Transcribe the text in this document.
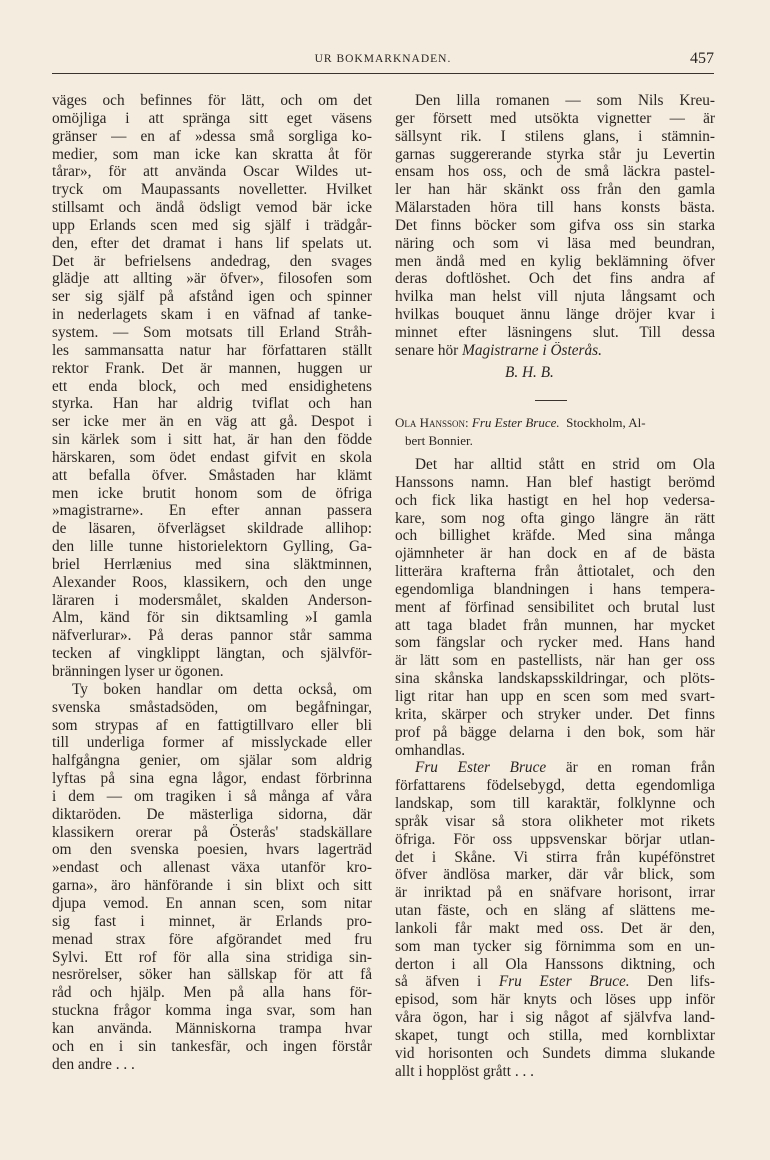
UR BOKMARKNADEN.	457
väges och befinnes för lätt, och om det
omöjliga i att spränga sitt eget väsens
gränser — en af »dessa små sorgliga ko-
medier, som man icke kan skratta åt för
tårar», för att använda Oscar Wildes ut-
tryck om Maupassants novelletter. Hvilket
stillsamt och ändå ödsligt vemod bär icke
upp Erlands scen med sig själf i trädgår-
den, efter det dramat i hans lif spelats ut.
Det är befrielsens andedrag, den svages
glädje att allting »är öfver», filosofen som
ser sig själf på afstånd igen och spinner
in nederlagets skam i en väfnad af tanke-
system. — Som motsats till Erland Stråh-
les sammansatta natur har författaren ställt
rektor Frank. Det är mannen, huggen ur
ett enda block, och med ensidighetens
styrka. Han har aldrig tviflat och han
ser icke mer än en väg att gå. Despot i
sin kärlek som i sitt hat, är han den födde
härskaren, som ödet endast gifvit en skola
att befalla öfver. Småstaden har klämt
men icke brutit honom som de öfriga
»magistrarne». En efter annan passera
de läsaren, öfverlägset skildrade allihop:
den lille tunne historielektorn Gylling, Ga-
briel Herrlænius med sina släktminnen,
Alexander Roos, klassikern, och den unge
läraren i modersmålet, skalden Anderson-
Alm, känd för sin diktsamling »I gamla
näfverlurar». På deras pannor står samma
tecken af vingklippt längtan, och självför-
bränningen lyser ur ögonen.
Ty boken handlar om detta också, om
svenska småstadsöden, om begåfningar,
som strypas af en fattigtillvaro eller bli
till underliga former af misslyckade eller
halfgångna genier, om själar som aldrig
lyftas på sina egna lågor, endast förbrinna
i dem — om tragiken i så många af våra
diktaröden. De mästerliga sidorna, där
klassikern orerar på Österås' stadskällare
om den svenska poesien, hvars lagerträd
»endast och allenast växa utanför kro-
garna», äro hänförande i sin blixt och sitt
djupa vemod. En annan scen, som nitar
sig fast i minnet, är Erlands pro-
menad strax före afgörandet med fru
Sylvi. Ett rof för alla sina stridiga sin-
nesrörelser, söker han sällskap för att få
råd och hjälp. Men på alla hans för-
stuckna frågor komma inga svar, som han
kan använda. Människorna trampa hvar
och en i sin tankesfär, och ingen förstår
den andre . . .
Den lilla romanen — som Nils Kreu-
ger försett med utsökta vignetter — är
sällsynt rik. I stilens glans, i stämnin-
garnas suggererande styrka står ju Levertin
ensam hos oss, och de små läckra pastel-
ler han här skänkt oss från den gamla
Mälarstaden höra till hans konsts bästa.
Det finns böcker som gifva oss sin starka
näring och som vi läsa med beundran,
men ändå med en kylig beklämning öfver
deras doftlöshet. Och det fins andra af
hvilka man helst vill njuta långsamt och
hvilkas bouquet ännu länge dröjer kvar i
minnet efter läsningens slut. Till dessa
senare hör Magistrarne i Österås.
B. H. B.
Ola Hansson: Fru Ester Bruce. Stockholm, Al-
bert Bonnier.
Det har alltid stått en strid om Ola
Hanssons namn. Han blef hastigt berömd
och fick lika hastigt en hel hop vedersa-
kare, som nog ofta gingo längre än rätt
och billighet kräfde. Med sina många
ojämnheter är han dock en af de bästa
litterära krafterna från åttiotalet, och den
egendomliga blandningen i hans tempera-
ment af förfinad sensibilitet och brutal lust
att taga bladet från munnen, har mycket
som fängslar och rycker med. Hans hand
är lätt som en pastellists, när han ger oss
sina skånska landskapsskildringar, och plöts-
ligt ritar han upp en scen som med svart-
krita, skärper och stryker under. Det finns
prof på bägge delarna i den bok, som här
omhandlas.
Fru Ester Bruce är en roman från
författarens födelsebygd, detta egendomliga
landskap, som till karaktär, folklynne och
språk visar så stora olikheter mot rikets
öfriga. För oss uppsvenskar börjar utlan-
det i Skåne. Vi stirra från kupéfönstret
öfver ändlösa marker, där vår blick, som
är inriktad på en snäfvare horisont, irrar
utan fäste, och en släng af slättens me-
lankoli får makt med oss. Det är den,
som man tycker sig förnimma som en un-
derton i all Ola Hanssons diktning, och
så äfven i Fru Ester Bruce. Den lifs-
episod, som här knyts och löses upp inför
våra ögon, har i sig något af självfva land-
skapet, tungt och stilla, med kornblixtar
vid horisonten och Sundets dimma slukande
allt i hopplöst grått . . .
